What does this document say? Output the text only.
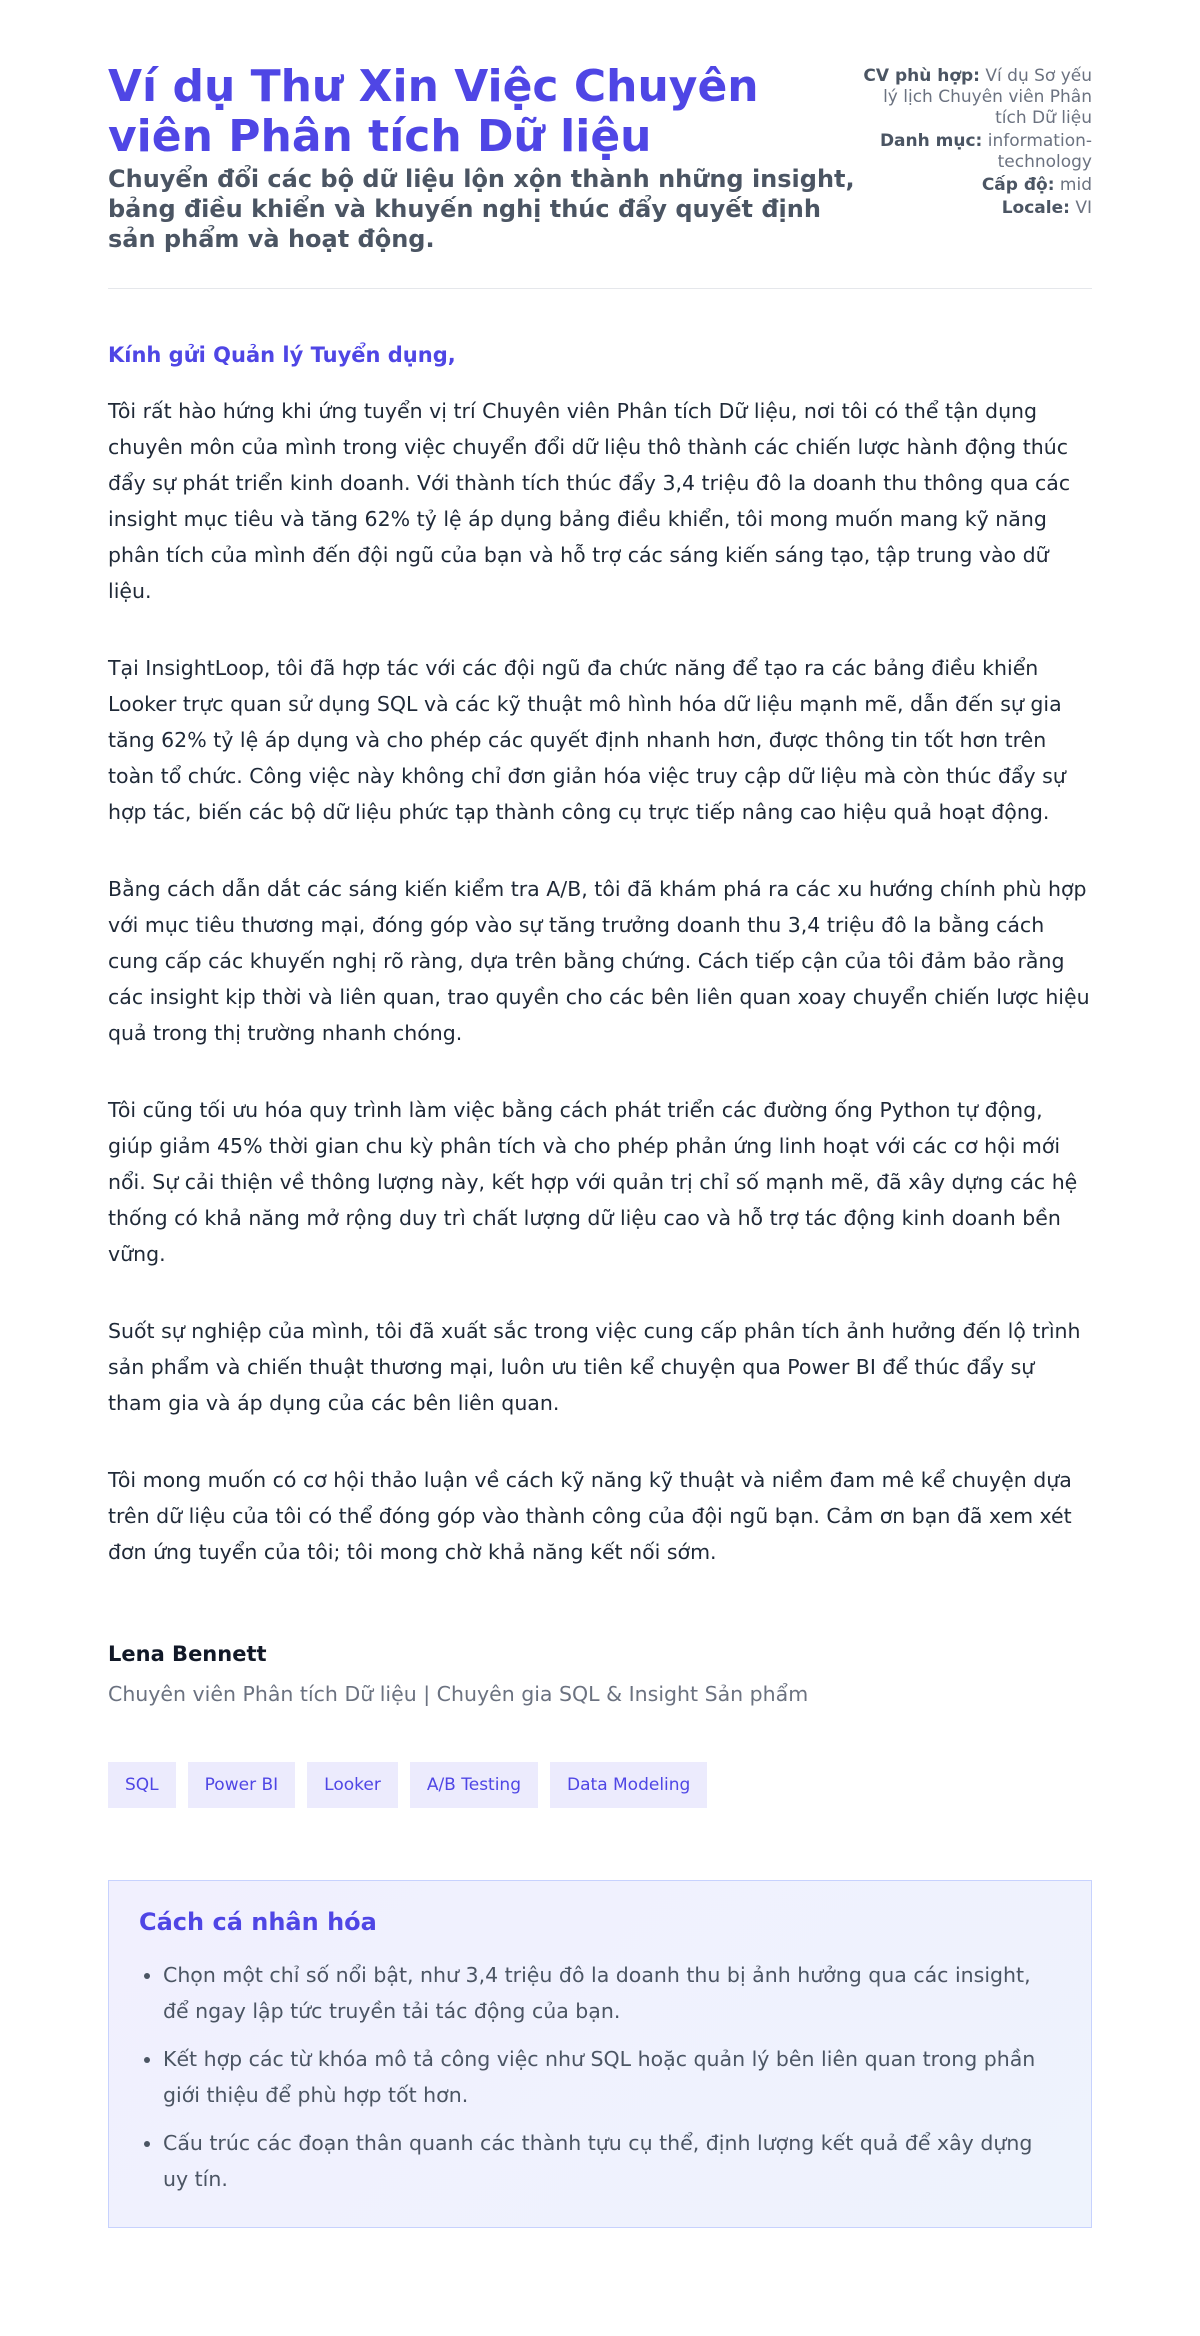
Ví dụ Thư Xin Việc Chuyên viên Phân tích Dữ liệu

Chuyển đổi các bộ dữ liệu lộn xộn thành những insight, bảng điều khiển và khuyến nghị thúc đẩy quyết định sản phẩm và hoạt động.

CV phù hợp: Ví dụ Sơ yếu lý lịch Chuyên viên Phân tích Dữ liệu
Danh mục: information-technology
Cấp độ: mid
Locale: VI

Kính gửi Quản lý Tuyển dụng,

Tôi rất hào hứng khi ứng tuyển vị trí Chuyên viên Phân tích Dữ liệu, nơi tôi có thể tận dụng chuyên môn của mình trong việc chuyển đổi dữ liệu thô thành các chiến lược hành động thúc đẩy sự phát triển kinh doanh. Với thành tích thúc đẩy 3,4 triệu đô la doanh thu thông qua các insight mục tiêu và tăng 62% tỷ lệ áp dụng bảng điều khiển, tôi mong muốn mang kỹ năng phân tích của mình đến đội ngũ của bạn và hỗ trợ các sáng kiến sáng tạo, tập trung vào dữ liệu.

Tại InsightLoop, tôi đã hợp tác với các đội ngũ đa chức năng để tạo ra các bảng điều khiển Looker trực quan sử dụng SQL và các kỹ thuật mô hình hóa dữ liệu mạnh mẽ, dẫn đến sự gia tăng 62% tỷ lệ áp dụng và cho phép các quyết định nhanh hơn, được thông tin tốt hơn trên toàn tổ chức. Công việc này không chỉ đơn giản hóa việc truy cập dữ liệu mà còn thúc đẩy sự hợp tác, biến các bộ dữ liệu phức tạp thành công cụ trực tiếp nâng cao hiệu quả hoạt động.

Bằng cách dẫn dắt các sáng kiến kiểm tra A/B, tôi đã khám phá ra các xu hướng chính phù hợp với mục tiêu thương mại, đóng góp vào sự tăng trưởng doanh thu 3,4 triệu đô la bằng cách cung cấp các khuyến nghị rõ ràng, dựa trên bằng chứng. Cách tiếp cận của tôi đảm bảo rằng các insight kịp thời và liên quan, trao quyền cho các bên liên quan xoay chuyển chiến lược hiệu quả trong thị trường nhanh chóng.

Tôi cũng tối ưu hóa quy trình làm việc bằng cách phát triển các đường ống Python tự động, giúp giảm 45% thời gian chu kỳ phân tích và cho phép phản ứng linh hoạt với các cơ hội mới nổi. Sự cải thiện về thông lượng này, kết hợp với quản trị chỉ số mạnh mẽ, đã xây dựng các hệ thống có khả năng mở rộng duy trì chất lượng dữ liệu cao và hỗ trợ tác động kinh doanh bền vững.

Suốt sự nghiệp của mình, tôi đã xuất sắc trong việc cung cấp phân tích ảnh hưởng đến lộ trình sản phẩm và chiến thuật thương mại, luôn ưu tiên kể chuyện qua Power BI để thúc đẩy sự tham gia và áp dụng của các bên liên quan.

Tôi mong muốn có cơ hội thảo luận về cách kỹ năng kỹ thuật và niềm đam mê kể chuyện dựa trên dữ liệu của tôi có thể đóng góp vào thành công của đội ngũ bạn. Cảm ơn bạn đã xem xét đơn ứng tuyển của tôi; tôi mong chờ khả năng kết nối sớm.

Lena Bennett
Chuyên viên Phân tích Dữ liệu | Chuyên gia SQL & Insight Sản phẩm
SQL	Power BI	Looker	A/B Testing	Data Modeling
Cách cá nhân hóa
• Chọn một chỉ số nổi bật, như 3,4 triệu đô la doanh thu bị ảnh hưởng qua các insight, để ngay lập tức truyền tải tác động của bạn.
• Kết hợp các từ khóa mô tả công việc như SQL hoặc quản lý bên liên quan trong phần giới thiệu để phù hợp tốt hơn.
• Cấu trúc các đoạn thân quanh các thành tựu cụ thể, định lượng kết quả để xây dựng uy tín.
